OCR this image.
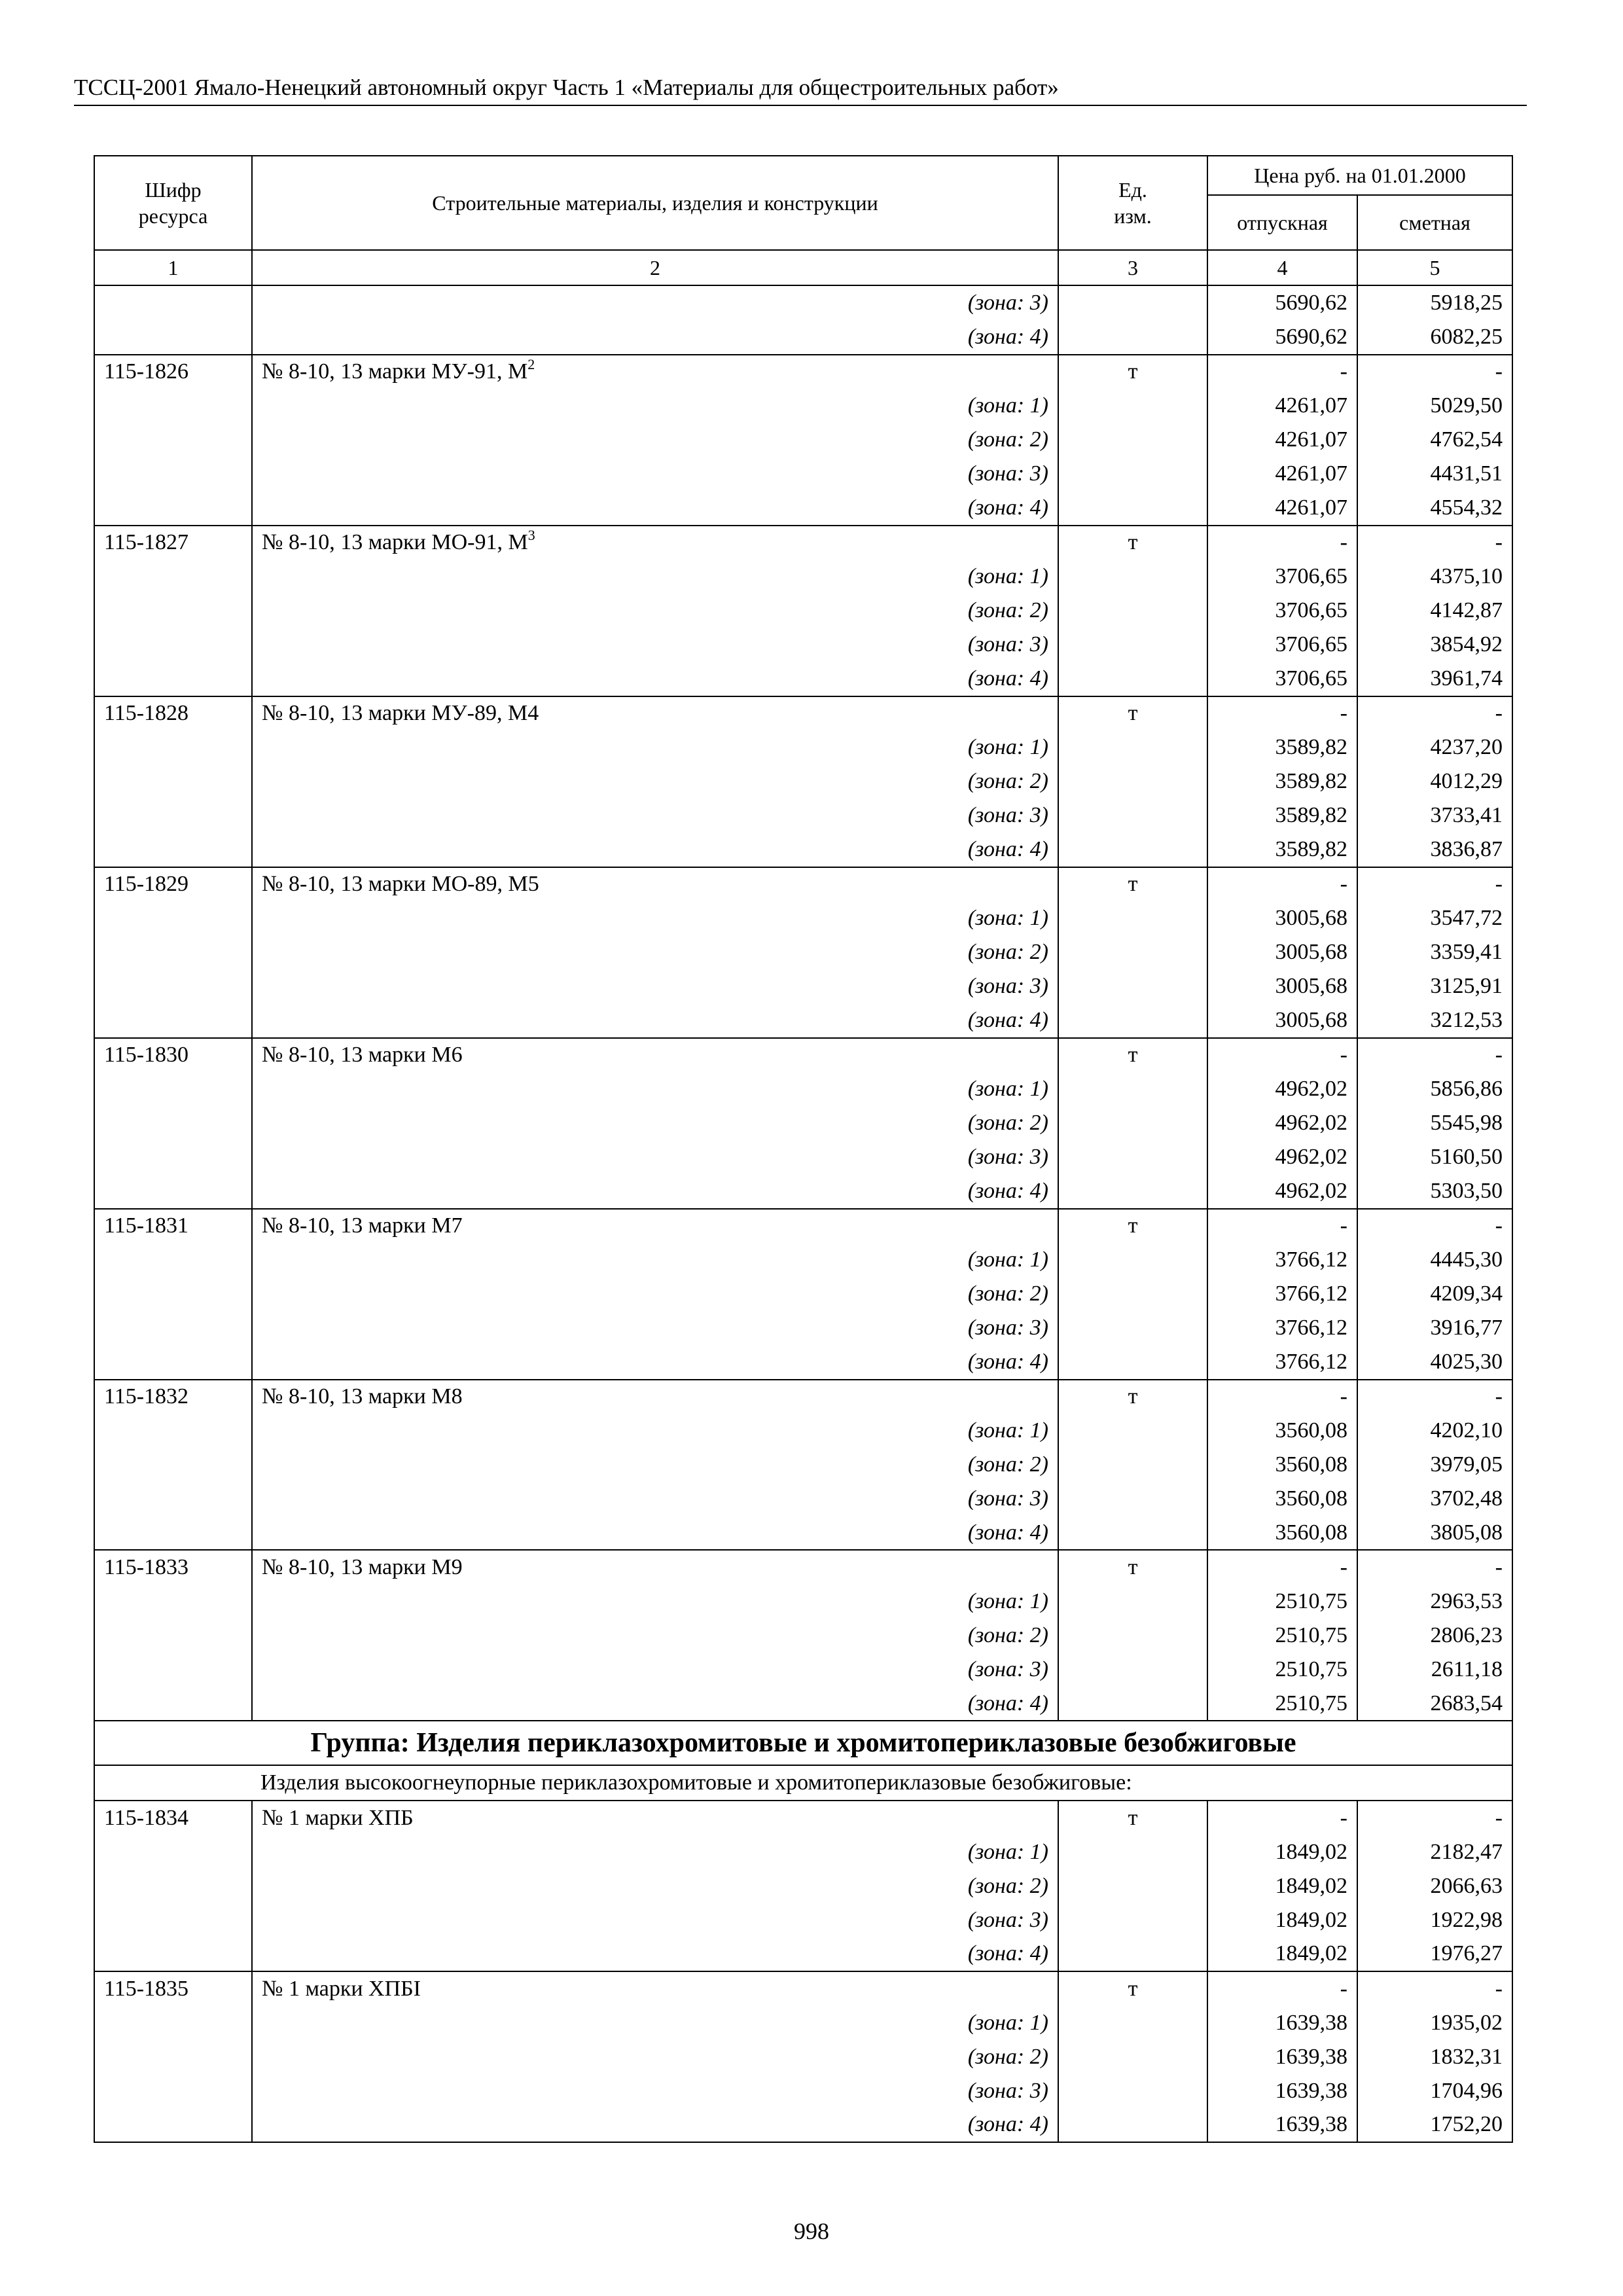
ТССЦ-2001 Ямало-Ненецкий автономный округ Часть 1 «Материалы для общестроительных работ»
Шифр ресурса	Строительные материалы, изделия и конструкции	Ед. изм.	Цена руб. на 01.01.2000	
			отпускная	сметная
1	2	3	4	5
	(зона: 3)		5690,62	5918,25
	(зона: 4)		5690,62	6082,25
115-1826	№ 8-10, 13 марки МУ-91, $М^2$	т	-	-
	(зона: 1)		4261,07	5029,50
	(зона: 2)		4261,07	4762,54
	(зона: 3)		4261,07	4431,51
	(зона: 4)		4261,07	4554,32
115-1827	№ 8-10, 13 марки МО-91, $М^3$	т	-	-
	(зона: 1)		3706,65	4375,10
	(зона: 2)		3706,65	4142,87
	(зона: 3)		3706,65	3854,92
	(зона: 4)		3706,65	3961,74
115-1828	№ 8-10, 13 марки МУ-89, М4	т	-	-
	(зона: 1)		3589,82	4237,20
	(зона: 2)		3589,82	4012,29
	(зона: 3)		3589,82	3733,41
	(зона: 4)		3589,82	3836,87
115-1829	№ 8-10, 13 марки МО-89, М5	т	-	-
	(зона: 1)		3005,68	3547,72
	(зона: 2)		3005,68	3359,41
	(зона: 3)		3005,68	3125,91
	(зона: 4)		3005,68	3212,53
115-1830	№ 8-10, 13 марки М6	т	-	-
	(зона: 1)		4962,02	5856,86
	(зона: 2)		4962,02	5545,98
	(зона: 3)		4962,02	5160,50
	(зона: 4)		4962,02	5303,50
115-1831	№ 8-10, 13 марки М7	т	-	-
	(зона: 1)		3766,12	4445,30
	(зона: 2)		3766,12	4209,34
	(зона: 3)		3766,12	3916,77
	(зона: 4)		3766,12	4025,30
115-1832	№ 8-10, 13 марки М8	т	-	-
	(зона: 1)		3560,08	4202,10
	(зона: 2)		3560,08	3979,05
	(зона: 3)		3560,08	3702,48
	(зона: 4)		3560,08	3805,08
115-1833	№ 8-10, 13 марки М9	т	-	-
	(зона: 1)		2510,75	2963,53
	(зона: 2)		2510,75	2806,23
	(зона: 3)		2510,75	2611,18
	(зона: 4)		2510,75	2683,54
Группа: Изделия периклазохромитовые и хромитопериклазовые безобжиговые				
Изделия высокоогнеупорные периклазохромитовые и хромитопериклазовые безобжиговые:				
115-1834	№ 1 марки ХПБ	т	-	-
	(зона: 1)		1849,02	2182,47
	(зона: 2)		1849,02	2066,63
	(зона: 3)		1849,02	1922,98
	(зона: 4)		1849,02	1976,27
115-1835	№ 1 марки ХПБI	т	-	-
	(зона: 1)		1639,38	1935,02
	(зона: 2)		1639,38	1832,31
	(зона: 3)		1639,38	1704,96
	(зона: 4)		1639,38	1752,20
998
